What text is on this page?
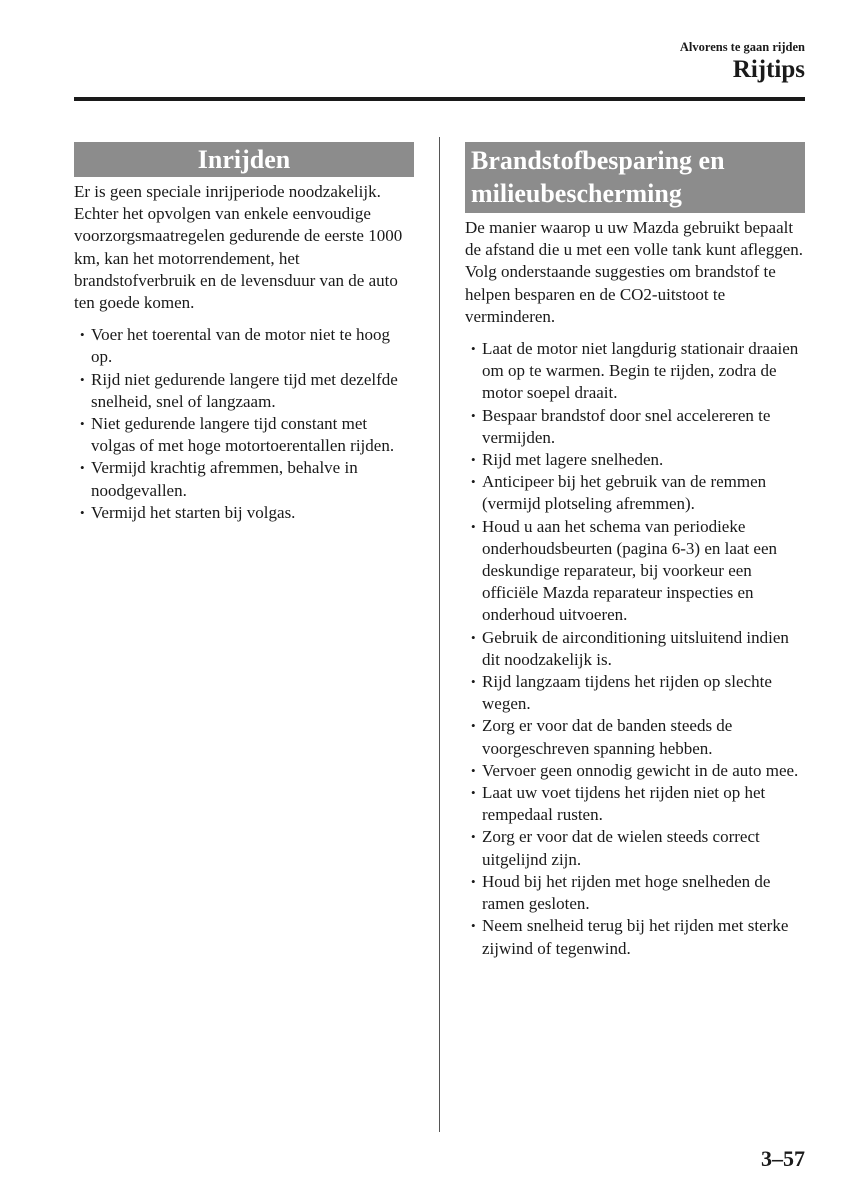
Alvorens te gaan rijden
Rijtips
Inrijden

Er is geen speciale inrijperiode noodzakelijk. Echter het opvolgen van enkele eenvoudige voorzorgsmaatregelen gedurende de eerste 1000 km, kan het motorrendement, het brandstofverbruik en de levensduur van de auto ten goede komen.

• Voer het toerental van de motor niet te hoog op.
• Rijd niet gedurende langere tijd met dezelfde snelheid, snel of langzaam.
• Niet gedurende langere tijd constant met volgas of met hoge motortoerentallen rijden.
• Vermijd krachtig afremmen, behalve in noodgevallen.
• Vermijd het starten bij volgas.
Brandstofbesparing en
milieubescherming

De manier waarop u uw Mazda gebruikt bepaalt de afstand die u met een volle tank kunt afleggen. Volg onderstaande suggesties om brandstof te helpen besparen en de CO2-uitstoot te verminderen.

• Laat de motor niet langdurig stationair draaien om op te warmen. Begin te rijden, zodra de motor soepel draait.
• Bespaar brandstof door snel accelereren te vermijden.
• Rijd met lagere snelheden.
• Anticipeer bij het gebruik van de remmen (vermijd plotseling afremmen).
• Houd u aan het schema van periodieke onderhoudsbeurten (pagina 6-3) en laat een deskundige reparateur, bij voorkeur een officiële Mazda reparateur inspecties en onderhoud uitvoeren.
• Gebruik de airconditioning uitsluitend indien dit noodzakelijk is.
• Rijd langzaam tijdens het rijden op slechte wegen.
• Zorg er voor dat de banden steeds de voorgeschreven spanning hebben.
• Vervoer geen onnodig gewicht in de auto mee.
• Laat uw voet tijdens het rijden niet op het rempedaal rusten.
• Zorg er voor dat de wielen steeds correct uitgelijnd zijn.
• Houd bij het rijden met hoge snelheden de ramen gesloten.
• Neem snelheid terug bij het rijden met sterke zijwind of tegenwind.
3–57
